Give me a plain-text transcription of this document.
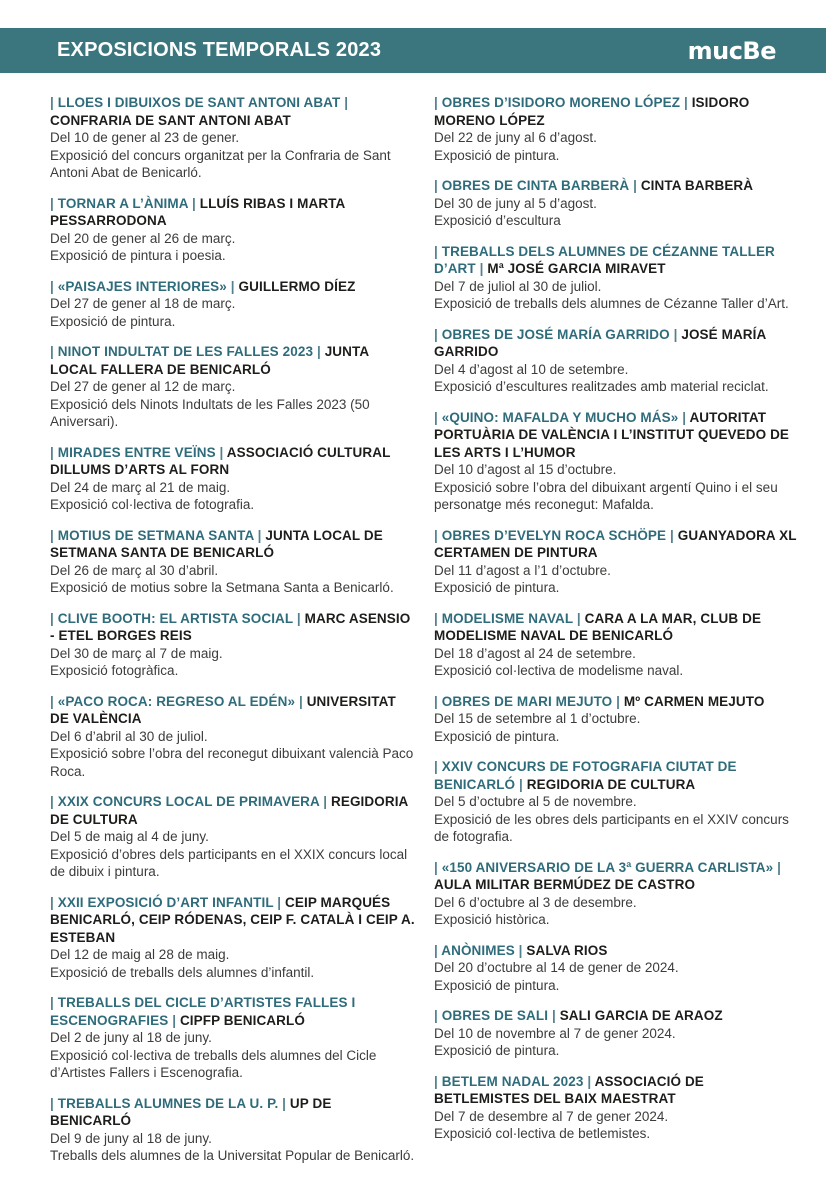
EXPOSICIONS TEMPORALS 2023	mucBe
| LLOES I DIBUIXOS DE SANT ANTONI ABAT | CONFRARIA DE SANT ANTONI ABAT

Del 10 de gener al 23 de gener.

Exposició del concurs organitzat per la Confraria de Sant Antoni Abat de Benicarló.

| TORNAR A L’ÀNIMA | LLUÍS RIBAS I MARTA PESSARRODONA

Del 20 de gener al 26 de març.

Exposició de pintura i poesia.

| «PAISAJES INTERIORES» | GUILLERMO DÍEZ

Del 27 de gener al 18 de març.

Exposició de pintura.

| NINOT INDULTAT DE LES FALLES 2023 | JUNTA LOCAL FALLERA DE BENICARLÓ

Del 27 de gener al 12 de març.

Exposició dels Ninots Indultats de les Falles 2023 (50 Aniversari).

| MIRADES ENTRE VEÏNS | ASSOCIACIÓ CULTURAL DILLUMS D’ARTS AL FORN

Del 24 de març al 21 de maig.

Exposició col·lectiva de fotografia.

| MOTIUS DE SETMANA SANTA | JUNTA LOCAL DE SETMANA SANTA DE BENICARLÓ

Del 26 de març al 30 d’abril.

Exposició de motius sobre la Setmana Santa a Benicarló.

| CLIVE BOOTH: EL ARTISTA SOCIAL | MARC ASENSIO - ETEL BORGES REIS

Del 30 de març al 7 de maig.

Exposició fotogràfica.

| «PACO ROCA: REGRESO AL EDÉN» | UNIVERSITAT DE VALÈNCIA

Del 6 d’abril al 30 de juliol.

Exposició sobre l’obra del reconegut dibuixant valencià Paco Roca.

| XXIX CONCURS LOCAL DE PRIMAVERA | REGIDORIA DE CULTURA

Del 5 de maig al 4 de juny.

Exposició d’obres dels participants en el XXIX concurs local de dibuix i pintura.

| XXII EXPOSICIÓ D’ART INFANTIL | CEIP MARQUÉS BENICARLÓ, CEIP RÓDENAS, CEIP F. CATALÀ I CEIP A. ESTEBAN

Del 12 de maig al 28 de maig.

Exposició de treballs dels alumnes d’infantil.

| TREBALLS DEL CICLE D’ARTISTES FALLES I ESCENOGRAFIES | CIPFP BENICARLÓ

Del 2 de juny al 18 de juny.

Exposició col·lectiva de treballs dels alumnes del Cicle d’Artistes Fallers i Escenografia.

| TREBALLS ALUMNES DE LA U. P. | UP DE BENICARLÓ

Del 9 de juny al 18 de juny.

Treballs dels alumnes de la Universitat Popular de Benicarló.

| OBRES D’ISIDORO MORENO LÓPEZ | ISIDORO MORENO LÓPEZ

Del 22 de juny al 6 d’agost.

Exposició de pintura.

| OBRES DE CINTA BARBERÀ | CINTA BARBERÀ

Del 30 de juny al 5 d’agost.

Exposició d’escultura

| TREBALLS DELS ALUMNES DE CÉZANNE TALLER D’ART | Mª JOSÉ GARCIA MIRAVET

Del 7 de juliol al 30 de juliol.

Exposició de treballs dels alumnes de Cézanne Taller d’Art.

| OBRES DE JOSÉ MARÍA GARRIDO | JOSÉ MARÍA GARRIDO

Del 4 d’agost al 10 de setembre.

Exposició d’escultures realitzades amb material reciclat.

| «QUINO: MAFALDA Y MUCHO MÁS» | AUTORITAT PORTUÀRIA DE VALÈNCIA I L’INSTITUT QUEVEDO DE LES ARTS I L’HUMOR

Del 10 d’agost al 15 d’octubre.

Exposició sobre l’obra del dibuixant argentí Quino i el seu personatge més reconegut: Mafalda.

| OBRES D’EVELYN ROCA SCHÖPE | GUANYADORA XL CERTAMEN DE PINTURA

Del 11 d’agost a l’1 d’octubre.

Exposició de pintura.

| MODELISME NAVAL | CARA A LA MAR, CLUB DE MODELISME NAVAL DE BENICARLÓ

Del 18 d’agost al 24 de setembre.

Exposició col·lectiva de modelisme naval.

| OBRES DE MARI MEJUTO | Mº CARMEN MEJUTO

Del 15 de setembre al 1 d’octubre.

Exposició de pintura.

| XXIV CONCURS DE FOTOGRAFIA CIUTAT DE BENICARLÓ | REGIDORIA DE CULTURA

Del 5 d’octubre al 5 de novembre.

Exposició de les obres dels participants en el XXIV concurs de fotografia.

| «150 ANIVERSARIO DE LA 3ª GUERRA CARLISTA» | AULA MILITAR BERMÚDEZ DE CASTRO

Del 6 d’octubre al 3 de desembre.

Exposició històrica.

| ANÒNIMES | SALVA RIOS

Del 20 d’octubre al 14 de gener de 2024.

Exposició de pintura.

| OBRES DE SALI | SALI GARCIA DE ARAOZ

Del 10 de novembre al 7 de gener 2024.

Exposició de pintura.

| BETLEM NADAL 2023 | ASSOCIACIÓ DE BETLEMISTES DEL BAIX MAESTRAT

Del 7 de desembre al 7 de gener 2024.

Exposició col·lectiva de betlemistes.
